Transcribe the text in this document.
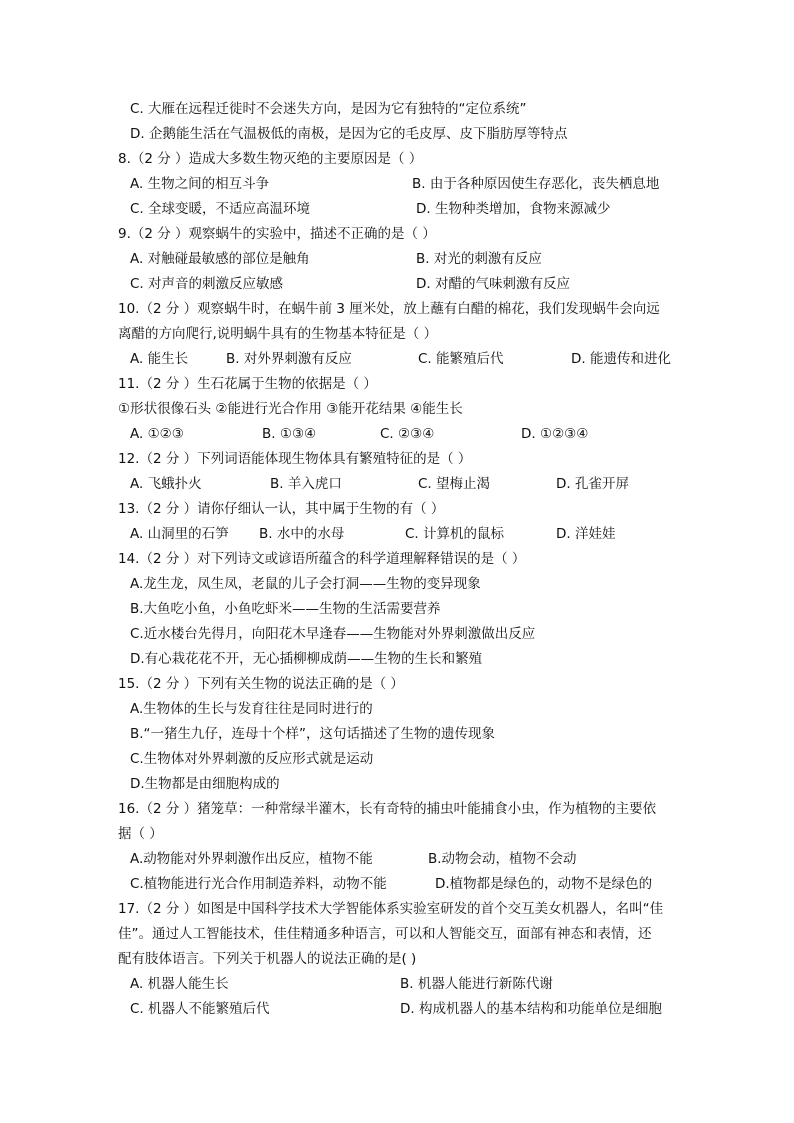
C. 大雁在远程迁徙时不会迷失方向，是因为它有独特的“定位系统”
D. 企鹅能生活在气温极低的南极，是因为它的毛皮厚、皮下脂肪厚等特点
8.（2 分 ）造成大多数生物灭绝的主要原因是（ ）
A. 生物之间的相互斗争	B. 由于各种原因使生存恶化，丧失栖息地
C. 全球变暖，不适应高温环境	D. 生物种类增加，食物来源减少
9.（2 分 ）观察蜗牛的实验中，描述不正确的是（ ）
A. 对触碰最敏感的部位是触角	B. 对光的刺激有反应
C. 对声音的刺激反应敏感	D. 对醋的气味刺激有反应
10.（2 分 ）观察蜗牛时，在蜗牛前 3 厘米处，放上蘸有白醋的棉花，我们发现蜗牛会向远
离醋的方向爬行,说明蜗牛具有的生物基本特征是（ ）
A. 能生长	B. 对外界刺激有反应	C. 能繁殖后代	D. 能遗传和进化
11.（2 分 ）生石花属于生物的依据是（ ）
①形状很像石头 ②能进行光合作用 ③能开花结果 ④能生长
A. ①②③	B. ①③④	C. ②③④	D. ①②③④
12.（2 分 ）下列词语能体现生物体具有繁殖特征的是（ ）
A. 飞蛾扑火	B. 羊入虎口	C. 望梅止渴	D. 孔雀开屏
13.（2 分 ）请你仔细认一认，其中属于生物的有（ ）
A. 山洞里的石笋 B. 水中的水母	C. 计算机的鼠标	D. 洋娃娃
14.（2 分 ）对下列诗文或谚语所蕴含的科学道理解释错误的是（ ）
A.龙生龙，凤生凤，老鼠的儿子会打洞——生物的变异现象
B.大鱼吃小鱼，小鱼吃虾米——生物的生活需要营养
C.近水楼台先得月，向阳花木早逢春——生物能对外界刺激做出反应
D.有心栽花花不开，无心插柳柳成荫——生物的生长和繁殖
15.（2 分 ）下列有关生物的说法正确的是（ ）
A.生物体的生长与发育往往是同时进行的
B.“一猪生九仔，连母十个样”，这句话描述了生物的遗传现象
C.生物体对外界刺激的反应形式就是运动
D.生物都是由细胞构成的
16.（2 分 ）猪笼草：一种常绿半灌木，长有奇特的捕虫叶能捕食小虫，作为植物的主要依
据（ ）
A.动物能对外界刺激作出反应，植物不能	B.动物会动，植物不会动
C.植物能进行光合作用制造养料，动物不能	D.植物都是绿色的，动物不是绿色的
17.（2 分 ）如图是中国科学技术大学智能体系实验室研发的首个交互美女机器人，名叫“佳
佳”。通过人工智能技术，佳佳精通多种语言，可以和人智能交互，面部有神态和表情，还
配有肢体语言。下列关于机器人的说法正确的是( )
A. 机器人能生长	B. 机器人能进行新陈代谢
C. 机器人不能繁殖后代	D. 构成机器人的基本结构和功能单位是细胞
